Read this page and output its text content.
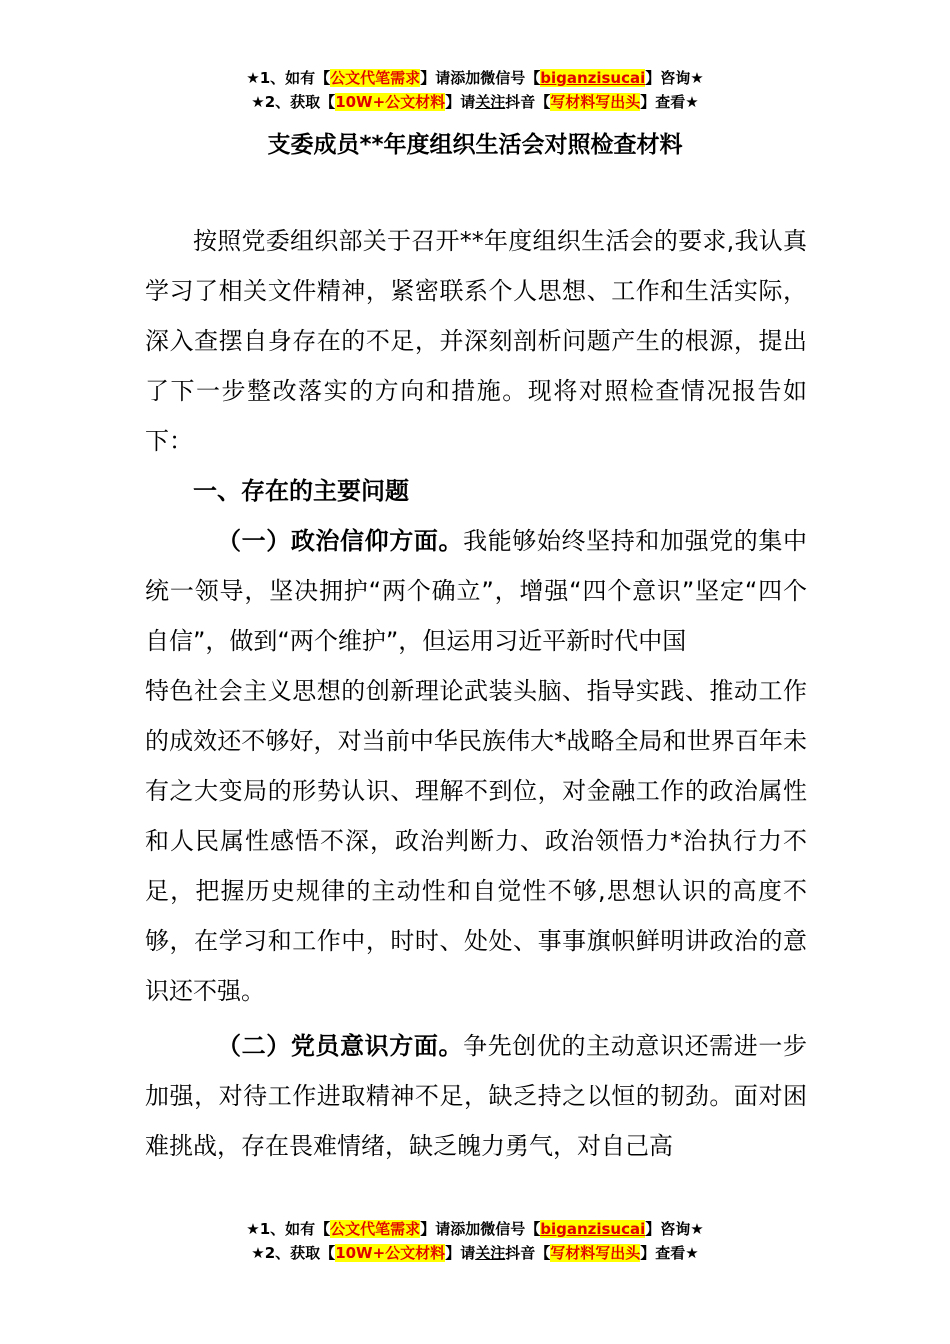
★1、如有【公文代笔需求】请添加微信号【biganzisucai】咨询★
★2、获取【10W+公文材料】请关注抖音【写材料写出头】查看★
支委成员**年度组织生活会对照检查材料

按照党委组织部关于召开**年度组织生活会的要求,我认真学习了相关文件精神，紧密联系个人思想、工作和生活实际，深入查摆自身存在的不足，并深刻剖析问题产生的根源，提出了下一步整改落实的方向和措施。现将对照检查情况报告如下：

一、存在的主要问题

（一）政治信仰方面。我能够始终坚持和加强党的集中统一领导，坚决拥护“两个确立”，增强“四个意识”坚定“四个自信”，做到“两个维护”，但运用习近平新时代中国

特色社会主义思想的创新理论武装头脑、指导实践、推动工作的成效还不够好，对当前中华民族伟大*战略全局和世界百年未有之大变局的形势认识、理解不到位，对金融工作的政治属性和人民属性感悟不深，政治判断力、政治领悟力*治执行力不足，把握历史规律的主动性和自觉性不够,思想认识的高度不够，在学习和工作中，时时、处处、事事旗帜鲜明讲政治的意识还不强。

（二）党员意识方面。争先创优的主动意识还需进一步加强，对待工作进取精神不足，缺乏持之以恒的韧劲。面对困难挑战，存在畏难情绪，缺乏魄力勇气，对自己高

★1、如有【公文代笔需求】请添加微信号【biganzisucai】咨询★
★2、获取【10W+公文材料】请关注抖音【写材料写出头】查看★
